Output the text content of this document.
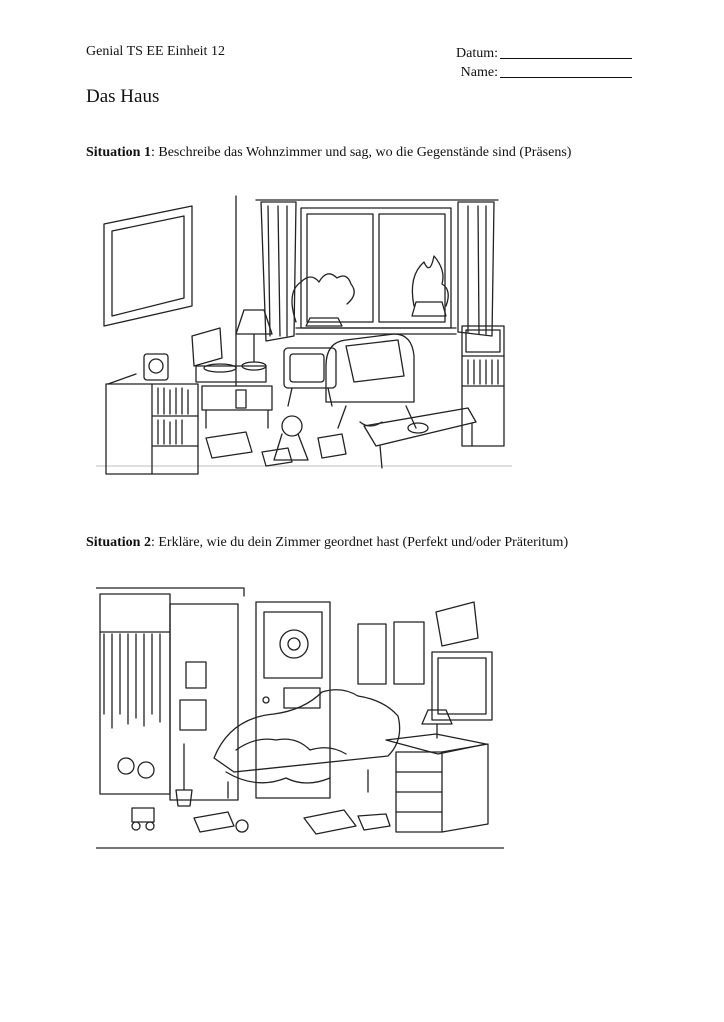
Genial TS EE Einheit 12	Datum:
Name:
Das Haus
Situation 1: Beschreibe das Wohnzimmer und sag, wo die Gegenstände sind (Präsens)
Situation 2: Erkläre, wie du dein Zimmer geordnet hast (Perfekt und/oder Präteritum)
